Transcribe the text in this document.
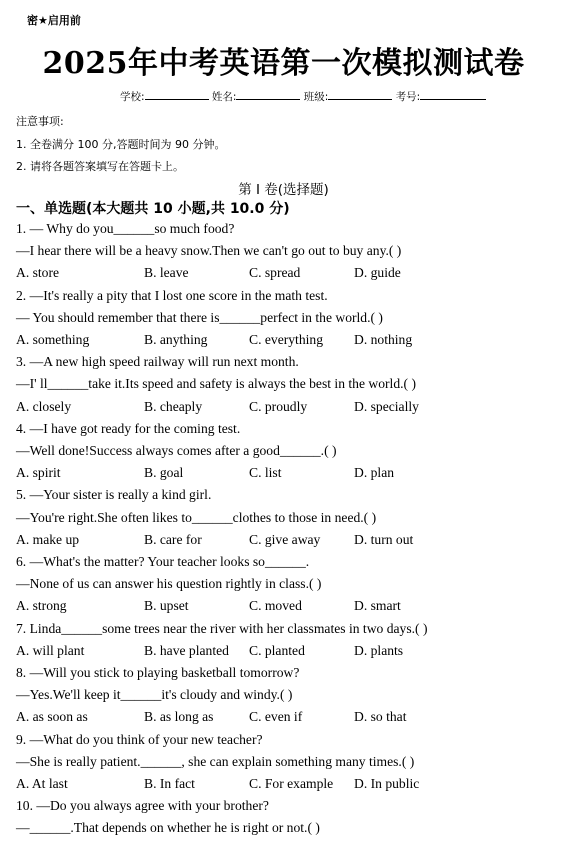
密★启用前
2025年中考英语第一次模拟测试卷
学校:	姓名:	班级:	考号:
注意事项:
1. 全卷满分 100 分,答题时间为 90 分钟。
2. 请将各题答案填写在答题卡上。
第 I 卷(选择题)
一、单选题(本大题共 10 小题,共 10.0 分)
1. — Why do you______so much food?
—I hear there will be a heavy snow.Then we can't go out to buy any.( )
A. store	B. leave	C. spread	D. guide
2. —It's really a pity that I lost one score in the math test.
— You should remember that there is______perfect in the world.( )
A. something	B. anything	C. everything D. nothing
3. —A new high speed railway will run next month.
—I' ll______take it.Its speed and safety is always the best in the world.( )
A. closely	B. cheaply	C. proudly	D. specially
4. —I have got ready for the coming test.
—Well done!Success always comes after a good______.( )
A. spirit	B. goal	C. list	D. plan
5. —Your sister is really a kind girl.
—You're right.She often likes to______clothes to those in need.( )
A. make up	B. care for	C. give away D. turn out
6. —What's the matter? Your teacher looks so______.
—None of us can answer his question rightly in class.( )
A. strong	B. upset	C. moved	D. smart
7. Linda______some trees near the river with her classmates in two days.( )
A. will plant	B. have planted C. planted	D. plants
8. —Will you stick to playing basketball tomorrow?
—Yes.We'll keep it______it's cloudy and windy.( )
A. as soon as	B. as long as	C. even if	D. so that
9. —What do you think of your new teacher?
—She is really patient.______, she can explain something many times.( )
A. At last	B. In fact	C. For example D. In public
10. —Do you always agree with your brother?
—______.That depends on whether he is right or not.( )
